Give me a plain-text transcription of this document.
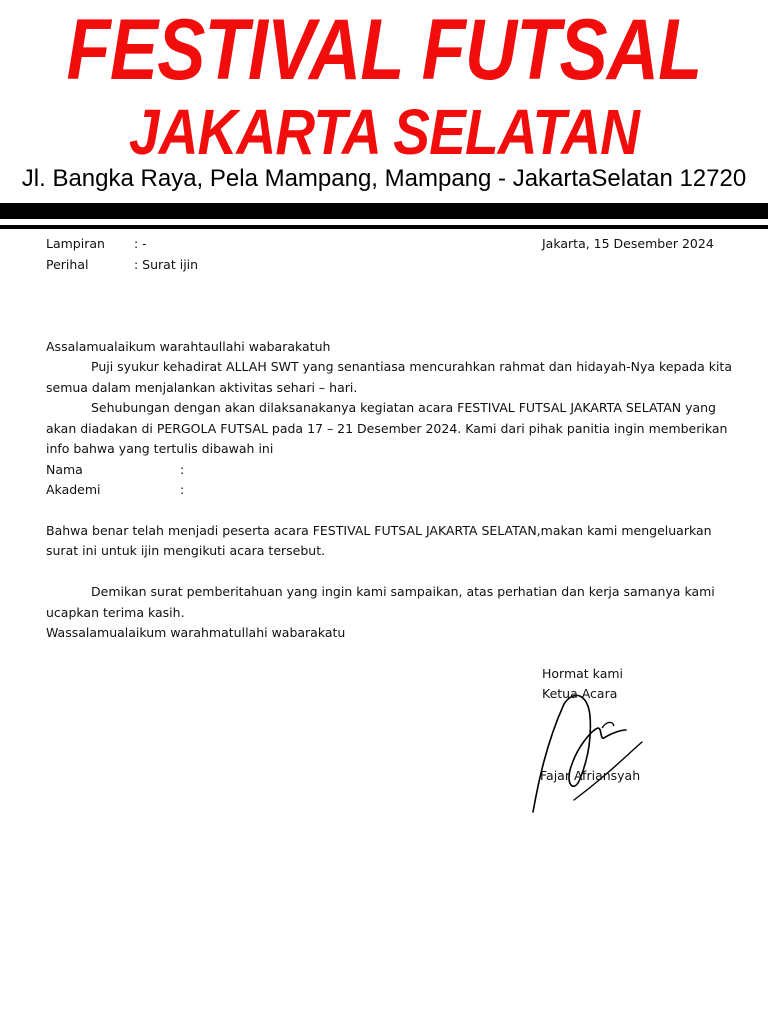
FESTIVAL FUTSAL
JAKARTA SELATAN
Jl. Bangka Raya, Pela Mampang, Mampang - JakartaSelatan 12720
Lampiran : -	Jakarta, 15 Desember 2024
Perihal	: Surat ijin
Assalamualaikum warahtaullahi wabarakatuh
Puji syukur kehadirat ALLAH SWT yang senantiasa mencurahkan rahmat dan hidayah-Nya kepada kita
semua dalam menjalankan aktivitas sehari – hari.
Sehubungan dengan akan dilaksanakanya kegiatan acara FESTIVAL FUTSAL JAKARTA SELATAN yang
akan diadakan di PERGOLA FUTSAL pada 17 – 21 Desember 2024. Kami dari pihak panitia ingin memberikan
info bahwa yang tertulis dibawah ini
Nama	:
Akademi	:
Bahwa benar telah menjadi peserta acara FESTIVAL FUTSAL JAKARTA SELATAN,makan kami mengeluarkan
surat ini untuk ijin mengikuti acara tersebut.
Demikan surat pemberitahuan yang ingin kami sampaikan, atas perhatian dan kerja samanya kami
ucapkan terima kasih.
Wassalamualaikum warahmatullahi wabarakatu
Hormat kami
Ketua Acara
Fajar Afriansyah
